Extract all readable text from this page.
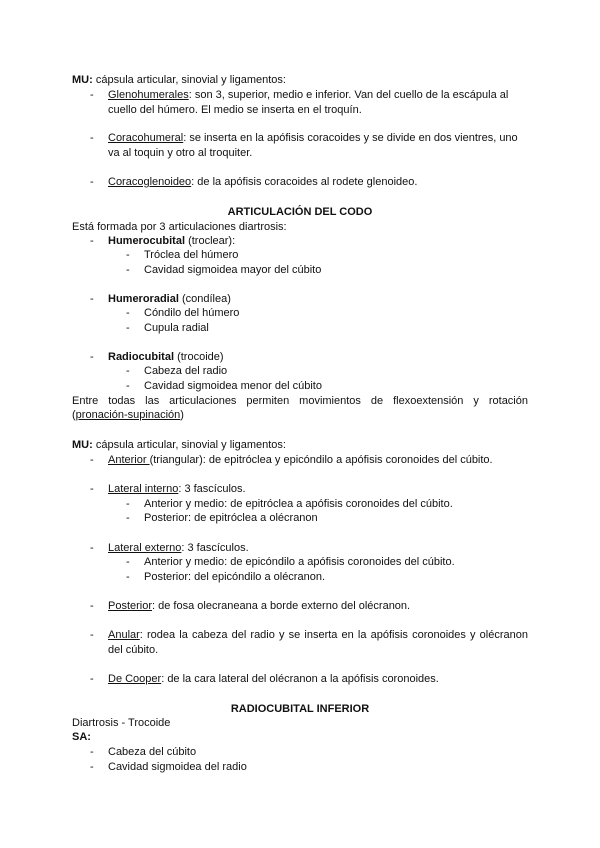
MU: cápsula articular, sinovial y ligamentos:

- Glenohumerales: son 3, superior, medio e inferior. Van del cuello de la escápula al
cuello del húmero. El medio se inserta en el troquín.
- Coracohumeral: se inserta en la apófisis coracoides y se divide en dos vientres, uno
va al toquin y otro al troquiter.
- Coracoglenoideo: de la apófisis coracoides al rodete glenoideo.

ARTICULACIÓN DEL CODO

Está formada por 3 articulaciones diartrosis:

- Humerocubital (troclear):
- Tróclea del húmero
- Cavidad sigmoidea mayor del cúbito
- Humeroradial (condílea)
- Cóndilo del húmero
- Cupula radial
- Radiocubital (trocoide)
- Cabeza del radio
- Cavidad sigmoidea menor del cúbito

Entre todas las articulaciones permiten movimientos de flexoextensión y rotación

(pronación-supinación)

MU: cápsula articular, sinovial y ligamentos:

- Anterior (triangular): de epitróclea y epicóndilo a apófisis coronoides del cúbito.
- Lateral interno: 3 fascículos.
- Anterior y medio: de epitróclea a apófisis coronoides del cúbito.
- Posterior: de epitróclea a olécranon
- Lateral externo: 3 fascículos.
- Anterior y medio: de epicóndilo a apófisis coronoides del cúbito.
- Posterior: del epicóndilo a olécranon.
- Posterior: de fosa olecraneana a borde externo del olécranon.
- Anular: rodea la cabeza del radio y se inserta en la apófisis coronoides y olécranon
del cúbito.
- De Cooper: de la cara lateral del olécranon a la apófisis coronoides.

RADIOCUBITAL INFERIOR

Diartrosis - Trocoide

SA:

- Cabeza del cúbito
- Cavidad sigmoidea del radio
